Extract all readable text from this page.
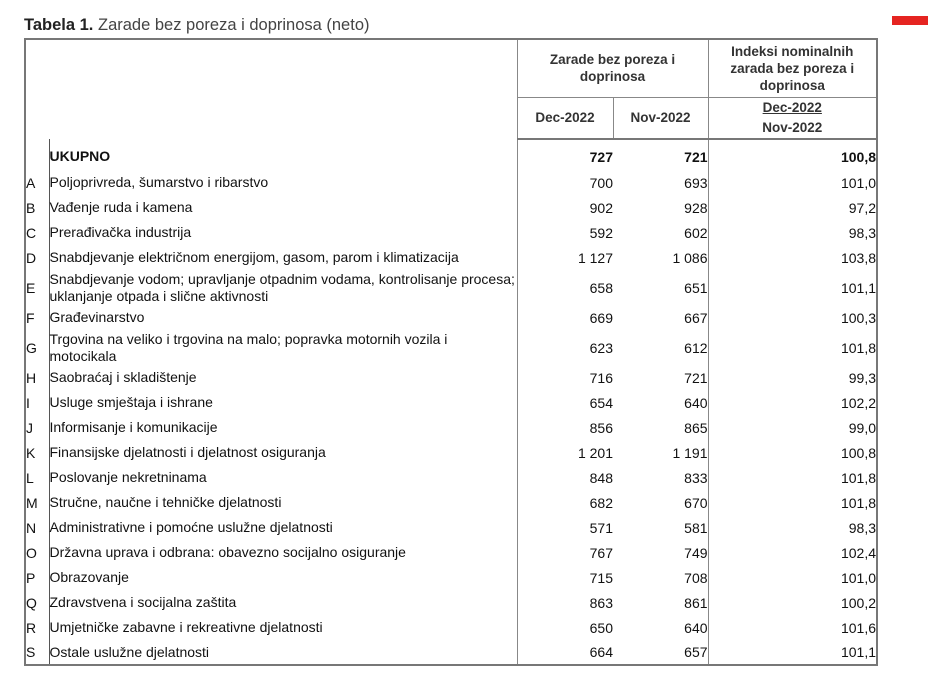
Tabela 1. Zarade bez poreza i doprinosa (neto)
		Zarade bez poreza i doprinosa		Indeksi nominalnih zarada bez poreza i doprinosa
		Dec-2022	Nov-2022	Dec-2022
Nov-2022

	UKUPNO	727	721	100,8
A	Poljoprivreda, šumarstvo i ribarstvo	700	693	101,0
B	Vađenje ruda i kamena	902	928	97,2
C	Prerađivačka industrija	592	602	98,3
D	Snabdjevanje električnom energijom, gasom, parom i klimatizacija	1 127	1 086	103,8
E	Snabdjevanje vodom; upravljanje otpadnim vodama, kontrolisanje procesa; uklanjanje otpada i slične aktivnosti	658	651	101,1
F	Građevinarstvo	669	667	100,3
G	Trgovina na veliko i trgovina na malo; popravka motornih vozila i motocikala	623	612	101,8
H	Saobraćaj i skladištenje	716	721	99,3
I	Usluge smještaja i ishrane	654	640	102,2
J	Informisanje i komunikacije	856	865	99,0
K	Finansijske djelatnosti i djelatnost osiguranja	1 201	1 191	100,8
L	Poslovanje nekretninama	848	833	101,8
M	Stručne, naučne i tehničke djelatnosti	682	670	101,8
N	Administrativne i pomoćne uslužne djelatnosti	571	581	98,3
O	Državna uprava i odbrana: obavezno socijalno osiguranje	767	749	102,4
P	Obrazovanje	715	708	101,0
Q	Zdravstvena i socijalna zaštita	863	861	100,2
R	Umjetničke zabavne i rekreativne djelatnosti	650	640	101,6
S	Ostale uslužne djelatnosti	664	657	101,1
